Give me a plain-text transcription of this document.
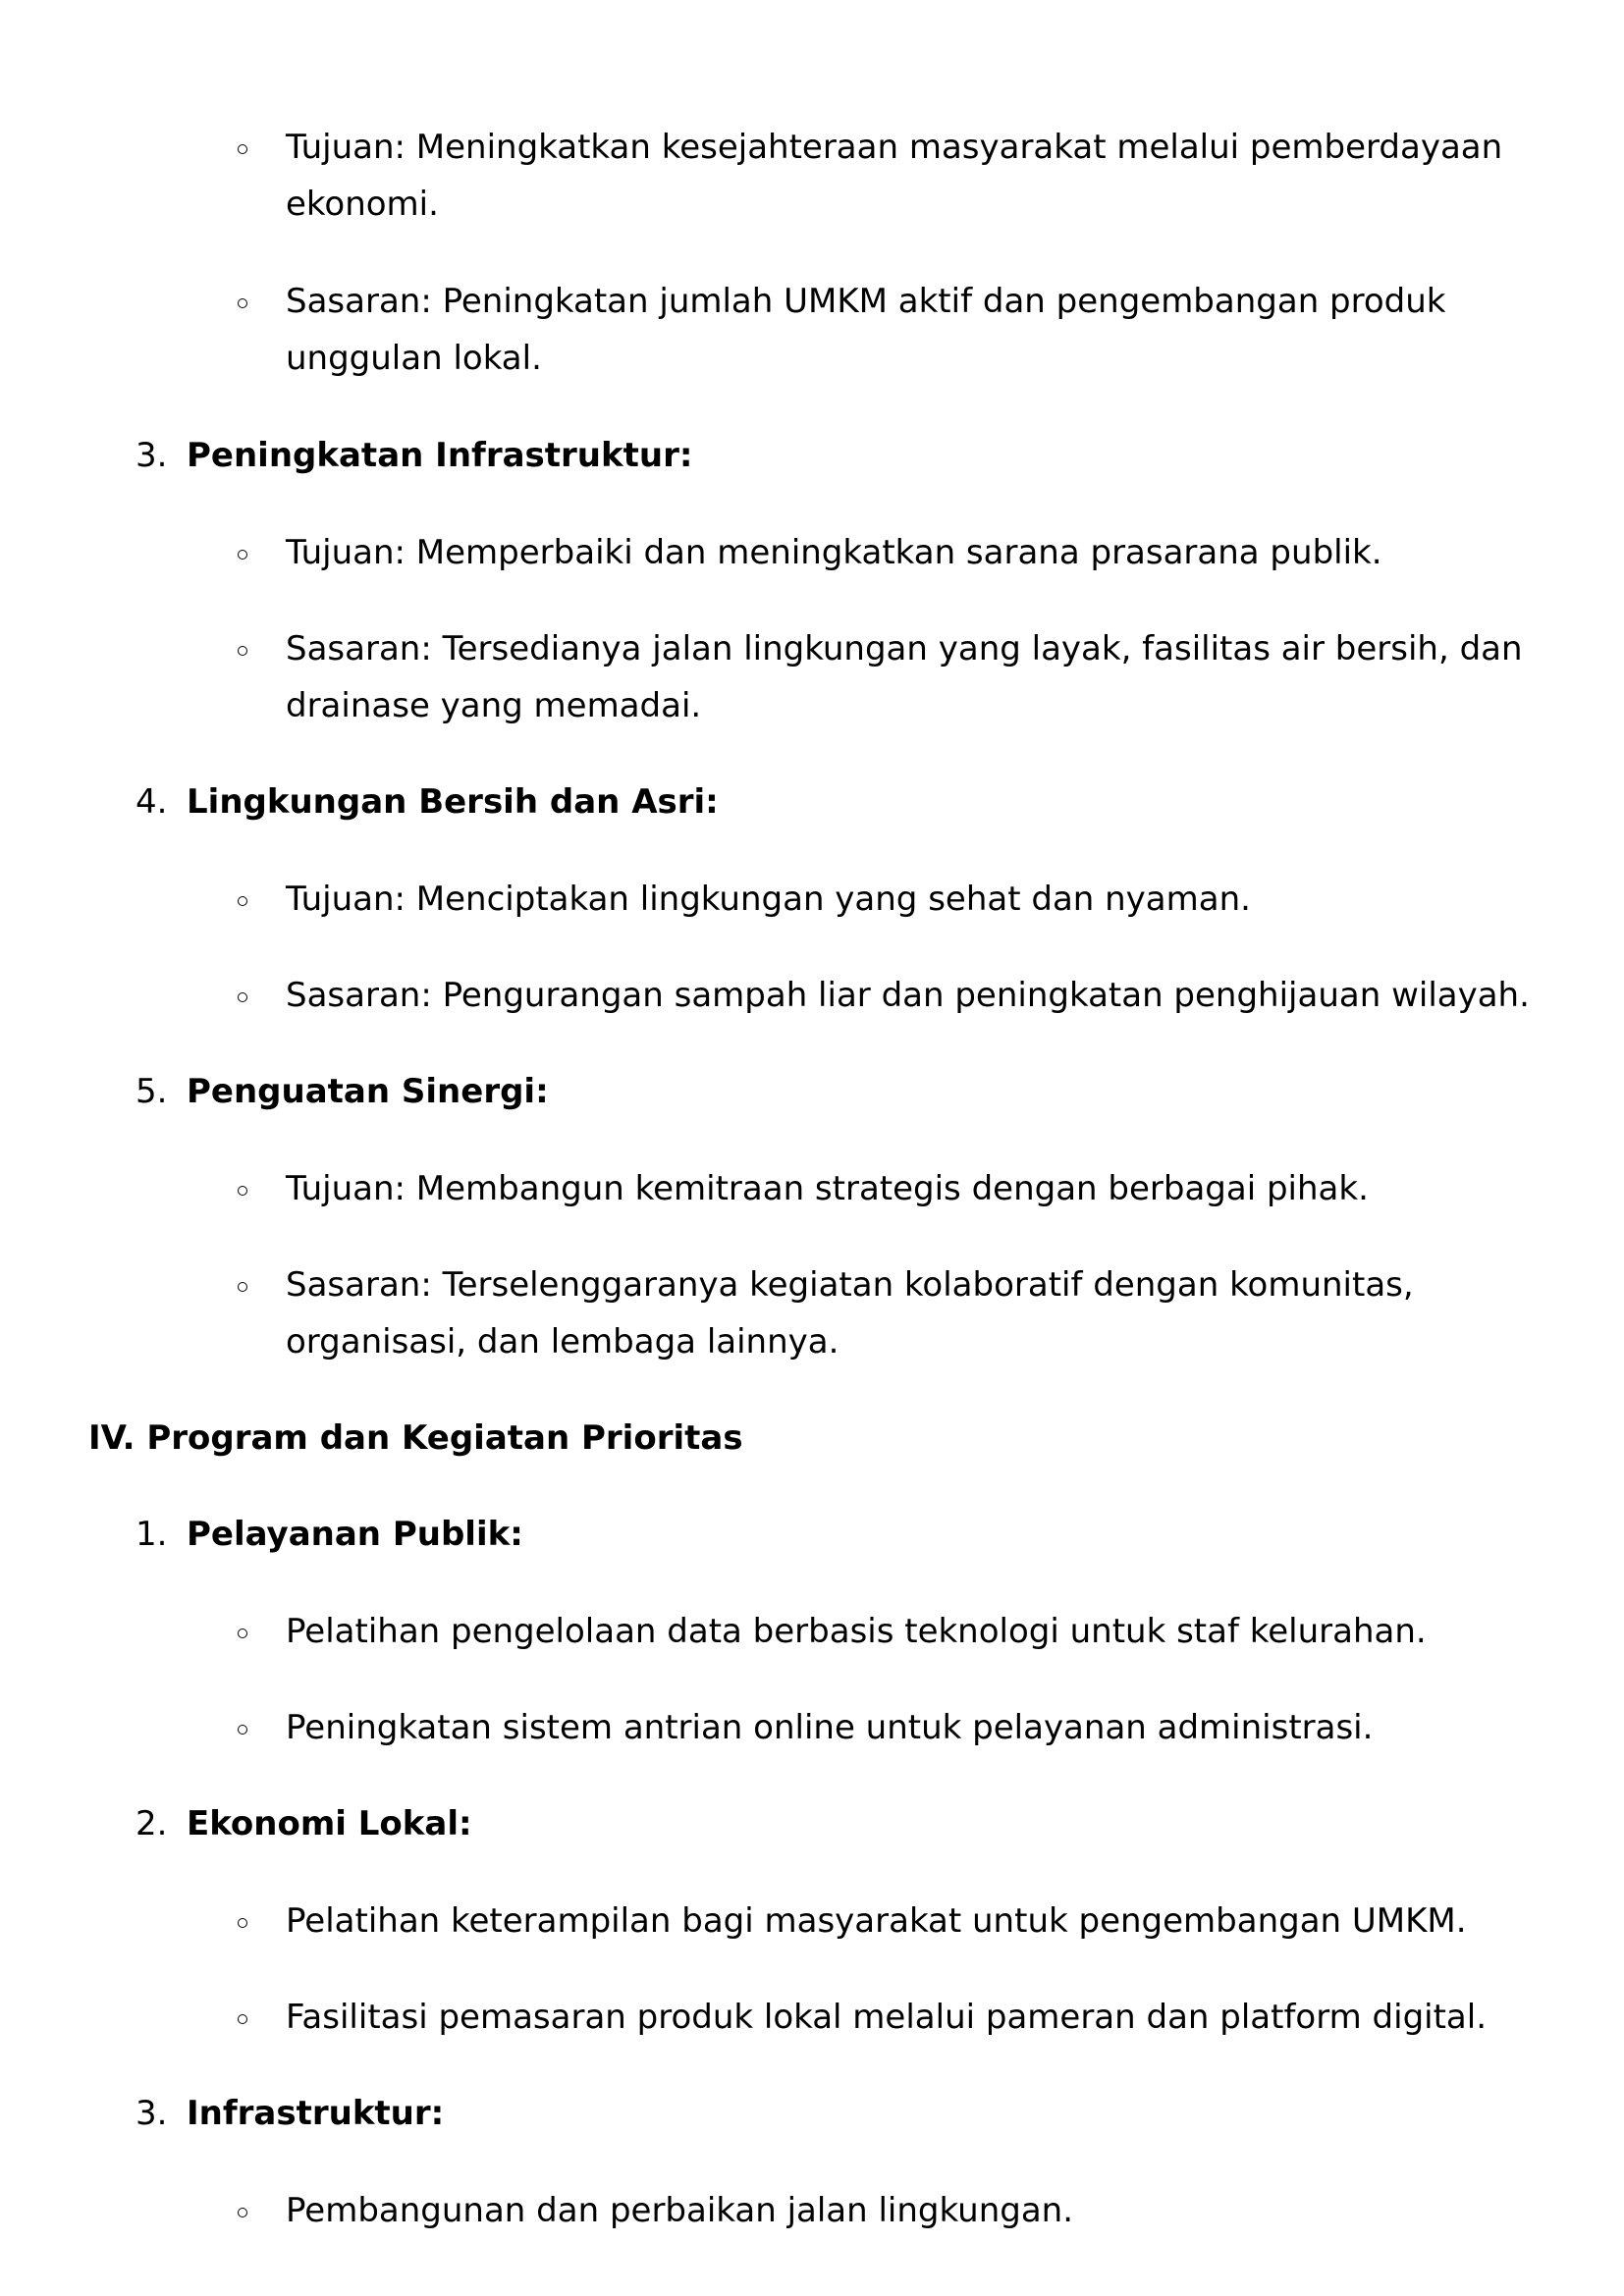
Tujuan: Meningkatkan kesejahteraan masyarakat melalui pemberdayaan
ekonomi.
Sasaran: Peningkatan jumlah UMKM aktif dan pengembangan produk
unggulan lokal.
3. Peningkatan Infrastruktur:
Tujuan: Memperbaiki dan meningkatkan sarana prasarana publik.
Sasaran: Tersedianya jalan lingkungan yang layak, fasilitas air bersih, dan
drainase yang memadai.
4. Lingkungan Bersih dan Asri:
Tujuan: Menciptakan lingkungan yang sehat dan nyaman.
Sasaran: Pengurangan sampah liar dan peningkatan penghijauan wilayah.
5. Penguatan Sinergi:
Tujuan: Membangun kemitraan strategis dengan berbagai pihak.
Sasaran: Terselenggaranya kegiatan kolaboratif dengan komunitas,
organisasi, dan lembaga lainnya.
IV. Program dan Kegiatan Prioritas
1. Pelayanan Publik:
Pelatihan pengelolaan data berbasis teknologi untuk staf kelurahan.
Peningkatan sistem antrian online untuk pelayanan administrasi.
2. Ekonomi Lokal:
Pelatihan keterampilan bagi masyarakat untuk pengembangan UMKM.
Fasilitasi pemasaran produk lokal melalui pameran dan platform digital.
3. Infrastruktur:
Pembangunan dan perbaikan jalan lingkungan.
